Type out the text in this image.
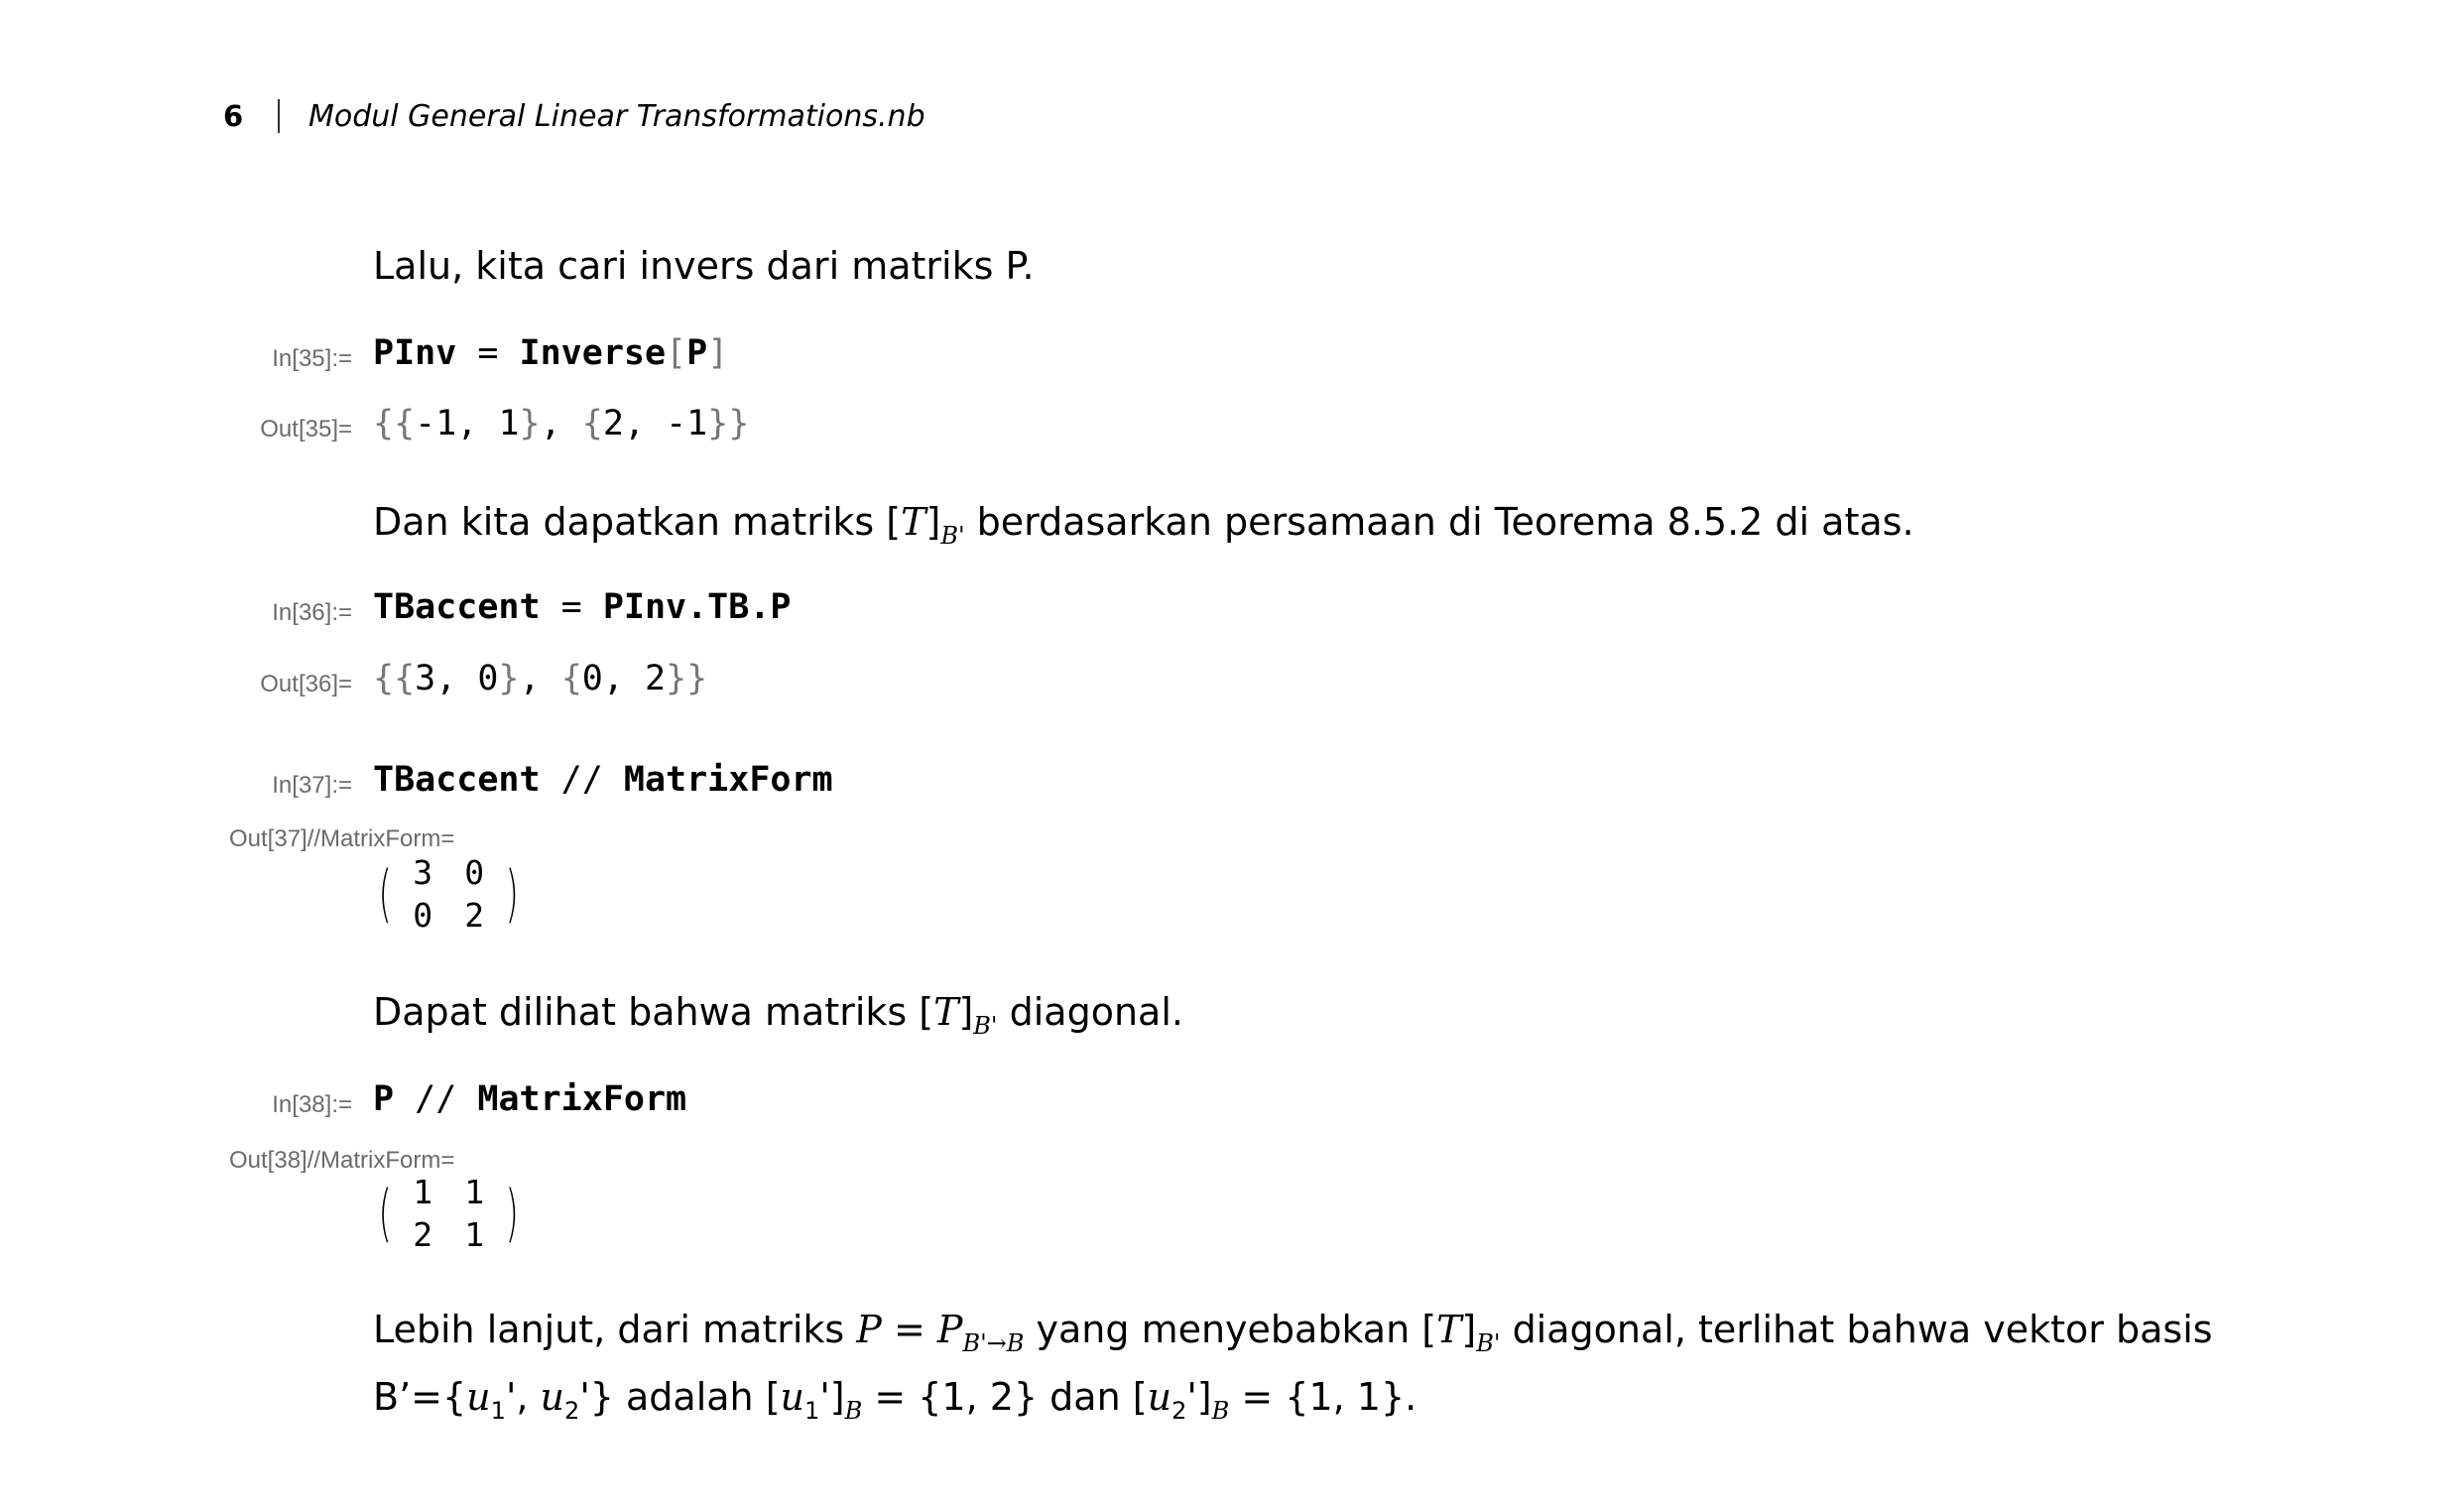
6 Modul General Linear Transformations.nb
Lalu, kita cari invers dari matriks P.
In[35]:= PInv = Inverse[P]
Out[35]= {{-1, 1}, {2, -1}}
Dan kita dapatkan matriks $[T]_{B'}$ berdasarkan persamaan di Teorema 8.5.2 di atas.
In[36]:= TBaccent = PInv.TB.P
Out[36]= {{3, 0}, {0, 2}}
In[37]:= TBaccent // MatrixForm
Out[37]//MatrixForm=
( 3 0
0 2 )
Dapat dilihat bahwa matriks $[T]_{B'}$ diagonal.
In[38]:= P // MatrixForm
Out[38]//MatrixForm=
( 1 1
2 1 )
Lebih lanjut, dari matriks $P = P_{B'\to B}$ yang menyebabkan $[T]_{B'}$ diagonal, terlihat bahwa vektor basis
$B’=\{u_1'$, $u_2'$} adalah $[u_1']_B = \{1$, 2} dan $[u_2']_B = \{1$, 1}.
